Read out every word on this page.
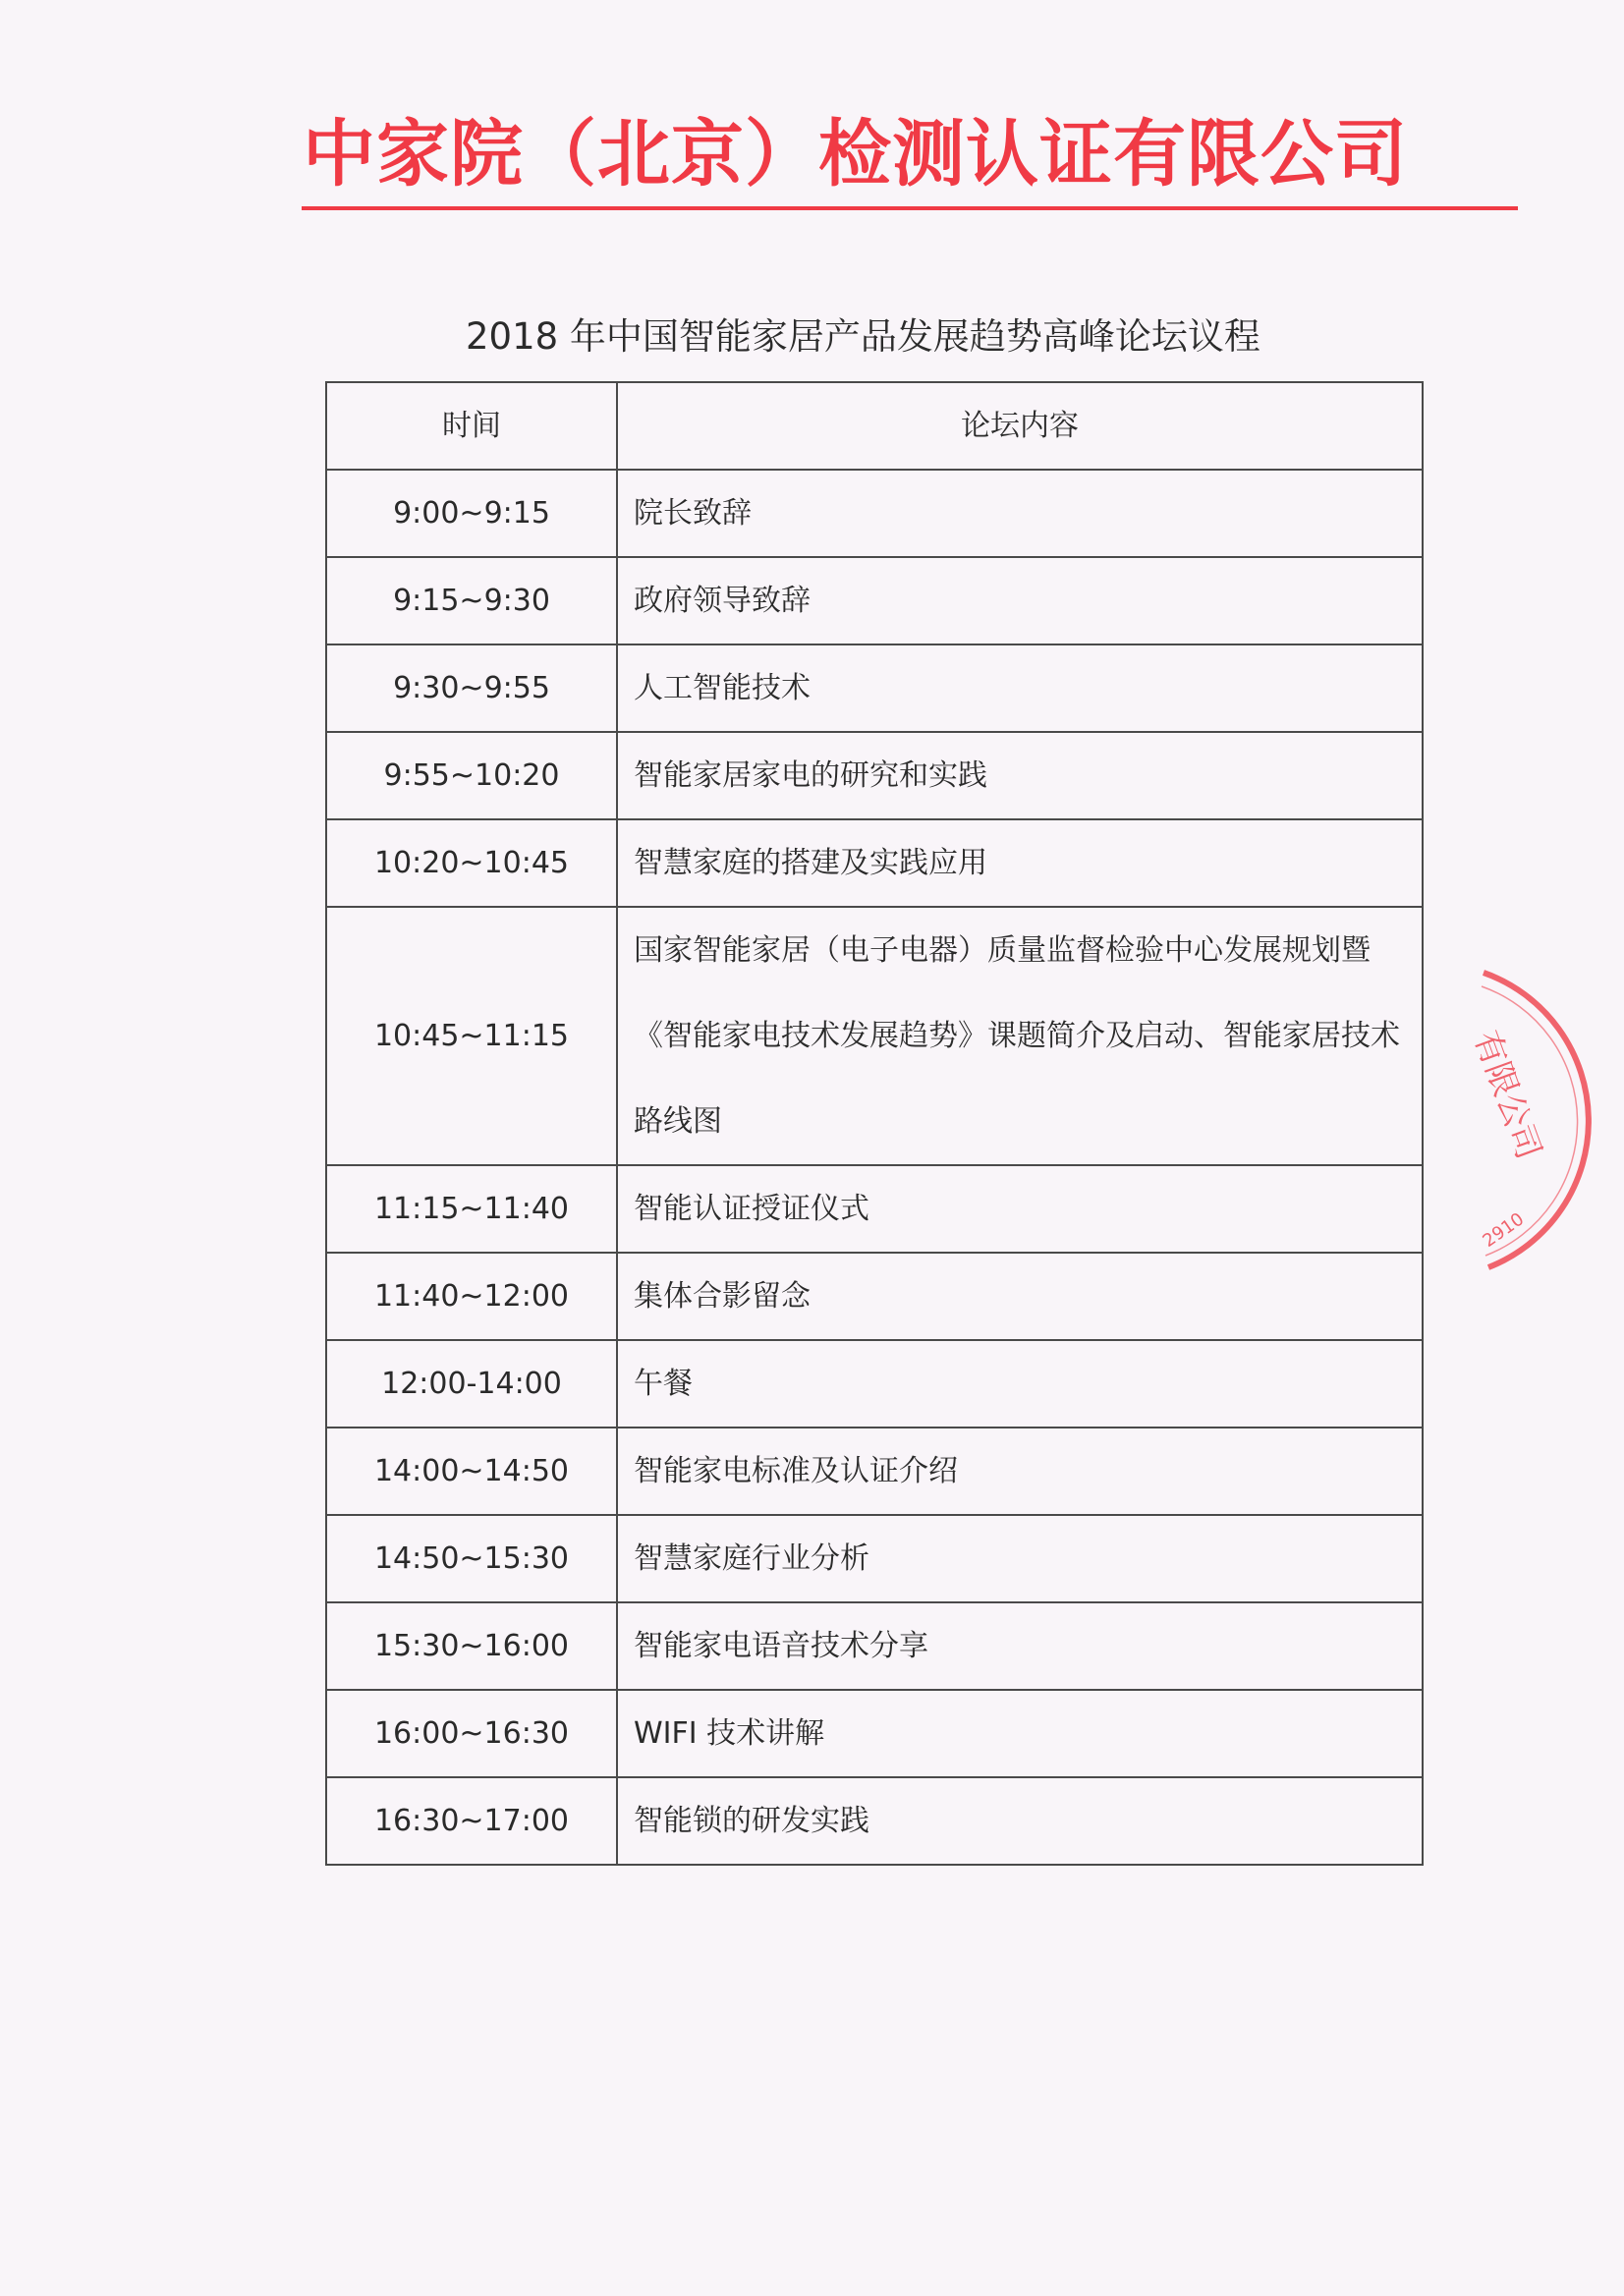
中家院（北京）检测认证有限公司
2018 年中国智能家居产品发展趋势高峰论坛议程
时间	论坛内容
9:00~9:15	院长致辞
9:15~9:30	政府领导致辞
9:30~9:55	人工智能技术
9:55~10:20	智能家居家电的研究和实践
10:20~10:45	智慧家庭的搭建及实践应用
10:45~11:15	国家智能家居（电子电器）质量监督检验中心发展规划暨《智能家电技术发展趋势》课题简介及启动、智能家居技术路线图
11:15~11:40	智能认证授证仪式
11:40~12:00	集体合影留念
12:00-14:00	午餐
14:00~14:50	智能家电标准及认证介绍
14:50~15:30	智慧家庭行业分析
15:30~16:00	智能家电语音技术分享
16:00~16:30	WIFI 技术讲解
16:30~17:00	智能锁的研发实践
有限公司
2910
